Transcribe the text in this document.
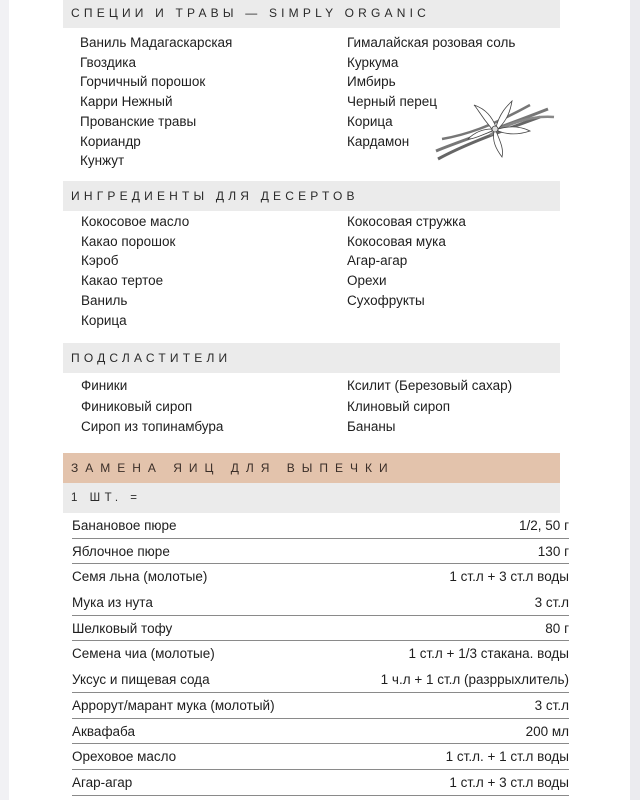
СПЕЦИИ И ТРАВЫ — SIMPLY ORGANIC
Ваниль Мадагаскарская
Гвоздика
Горчичный порошок
Карри Нежный
Прованские травы
Кориандр
Кунжут
Гималайская розовая соль
Куркума
Имбирь
Черный перец
Корица
Кардамон
ИНГРЕДИЕНТЫ ДЛЯ ДЕСЕРТОВ
Кокосовое масло
Какао порошок
Кэроб
Какао тертое
Ваниль
Корица
Кокосовая стружка
Кокосовая мука
Агар-агар
Орехи
Сухофрукты
ПОДСЛАСТИТЕЛИ
Финики
Финиковый сироп
Сироп из топинамбура
Ксилит (Березовый сахар)
Клиновый сироп
Бананы
ЗАМЕНА ЯИЦ ДЛЯ ВЫПЕЧКИ
1 ШТ. =
Банановое пюре	1/2, 50 г
Яблочное пюре	130 г
Семя льна (молотые)	1 ст.л + 3 ст.л воды
Мука из нута	3 ст.л
Шелковый тофу	80 г
Семена чиа (молотые)	1 ст.л + 1/3 стакана. воды
Уксус и пищевая сода	1 ч.л + 1 ст.л (разррыхлитель)
Аррорут/марант мука (молотый)	3 ст.л
Аквафаба	200 мл
Ореховое масло	1 ст.л. + 1 ст.л воды
Агар-агар	1 ст.л + 3 ст.л воды
